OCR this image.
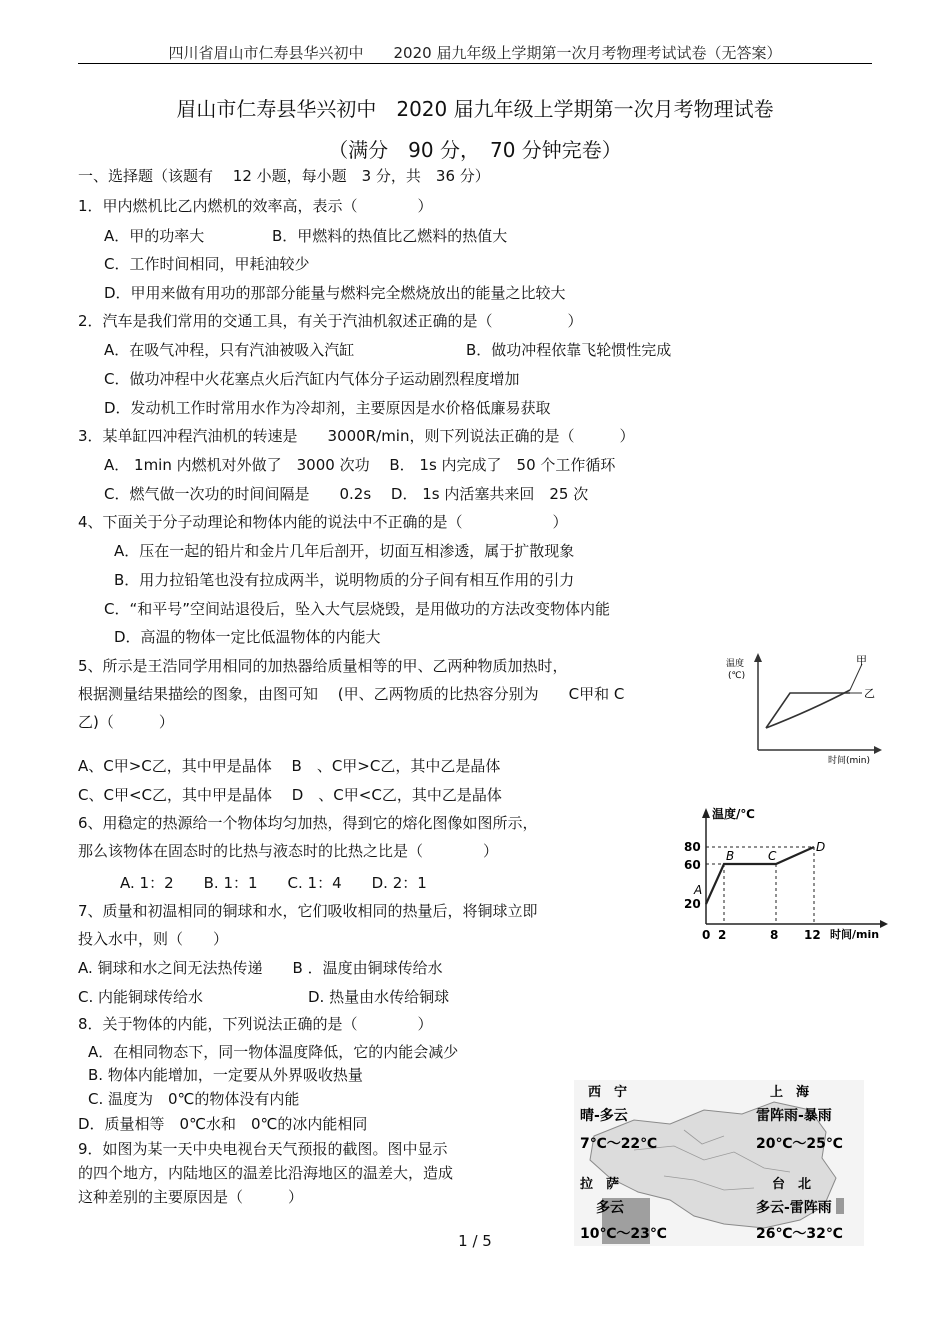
四川省眉山市仁寿县华兴初中　　2020 届九年级上学期第一次月考物理考试试卷（无答案）
眉山市仁寿县华兴初中　2020 届九年级上学期第一次月考物理试卷
（满分　90 分，　70 分钟完卷）
一、选择题（该题有　 12 小题，每小题　3 分，共　36 分）
1．甲内燃机比乙内燃机的效率高，表示（　　　　）
A．甲的功率大	B．甲燃料的热值比乙燃料的热值大
C．工作时间相同，甲耗油较少
D．甲用来做有用功的那部分能量与燃料完全燃烧放出的能量之比较大
2．汽车是我们常用的交通工具，有关于汽油机叙述正确的是（　　　　　）
A．在吸气冲程，只有汽油被吸入汽缸	B．做功冲程依靠飞轮惯性完成
C．做功冲程中火花塞点火后汽缸内气体分子运动剧烈程度增加
D．发动机工作时常用水作为冷却剂，主要原因是水价格低廉易获取
3．某单缸四冲程汽油机的转速是　　3000R/min，则下列说法正确的是（　　　）
A． 1min 内燃机对外做了　3000 次功　 B． 1s 内完成了　50 个工作循环
C．燃气做一次功的时间间隔是　　0.2s　 D． 1s 内活塞共来回　25 次
4、下面关于分子动理论和物体内能的说法中不正确的是（　　　　　　）
A．压在一起的铅片和金片几年后剖开，切面互相渗透，属于扩散现象
B．用力拉铅笔也没有拉成两半，说明物质的分子间有相互作用的引力
C．“和平号”空间站退役后，坠入大气层烧毁，是用做功的方法改变物体内能
D．高温的物体一定比低温物体的内能大
5、所示是王浩同学用相同的加热器给质量相等的甲、乙两种物质加热时，
根据测量结果描绘的图象，由图可知　 (甲、乙两物质的比热容分别为　　C甲和 C
乙)（　　　）
A、C甲>C乙，其中甲是晶体　 B　、C甲>C乙，其中乙是晶体
C、C甲<C乙，其中甲是晶体　 D　、C甲<C乙，其中乙是晶体
温度
(℃)
时间(min)
甲
乙
6、用稳定的热源给一个物体均匀加热，得到它的熔化图像如图所示，
那么该物体在固态时的比热与液态时的比热之比是（　　　　）
A. 1：2　　B. 1：1　　C. 1：4　　D. 2：1
温度/℃
时间/min
80
60
20
0 2	8 12
A
B	C
D
7、质量和初温相同的铜球和水，它们吸收相同的热量后，将铜球立即
投入水中，则（　　）
A. 铜球和水之间无法热传递　　B ．温度由铜球传给水
C. 内能铜球传给水　　　　　　　D. 热量由水传给铜球
8．关于物体的内能，下列说法正确的是（　　　　）
A．在相同物态下，同一物体温度降低，它的内能会减少
B. 物体内能增加，一定要从外界吸收热量
C. 温度为　0℃的物体没有内能
D．质量相等　0℃水和　0℃的冰内能相同
9．如图为某一天中央电视台天气预报的截图。图中显示
的四个地方，内陆地区的温差比沿海地区的温差大，造成
这种差别的主要原因是（　　　）
西　宁
晴-多云
7℃～22℃
上　海
雷阵雨-暴雨
20℃～25℃
拉　萨
多云
10℃～23℃
台　北
多云-雷阵雨
26℃～32℃
1 / 5
